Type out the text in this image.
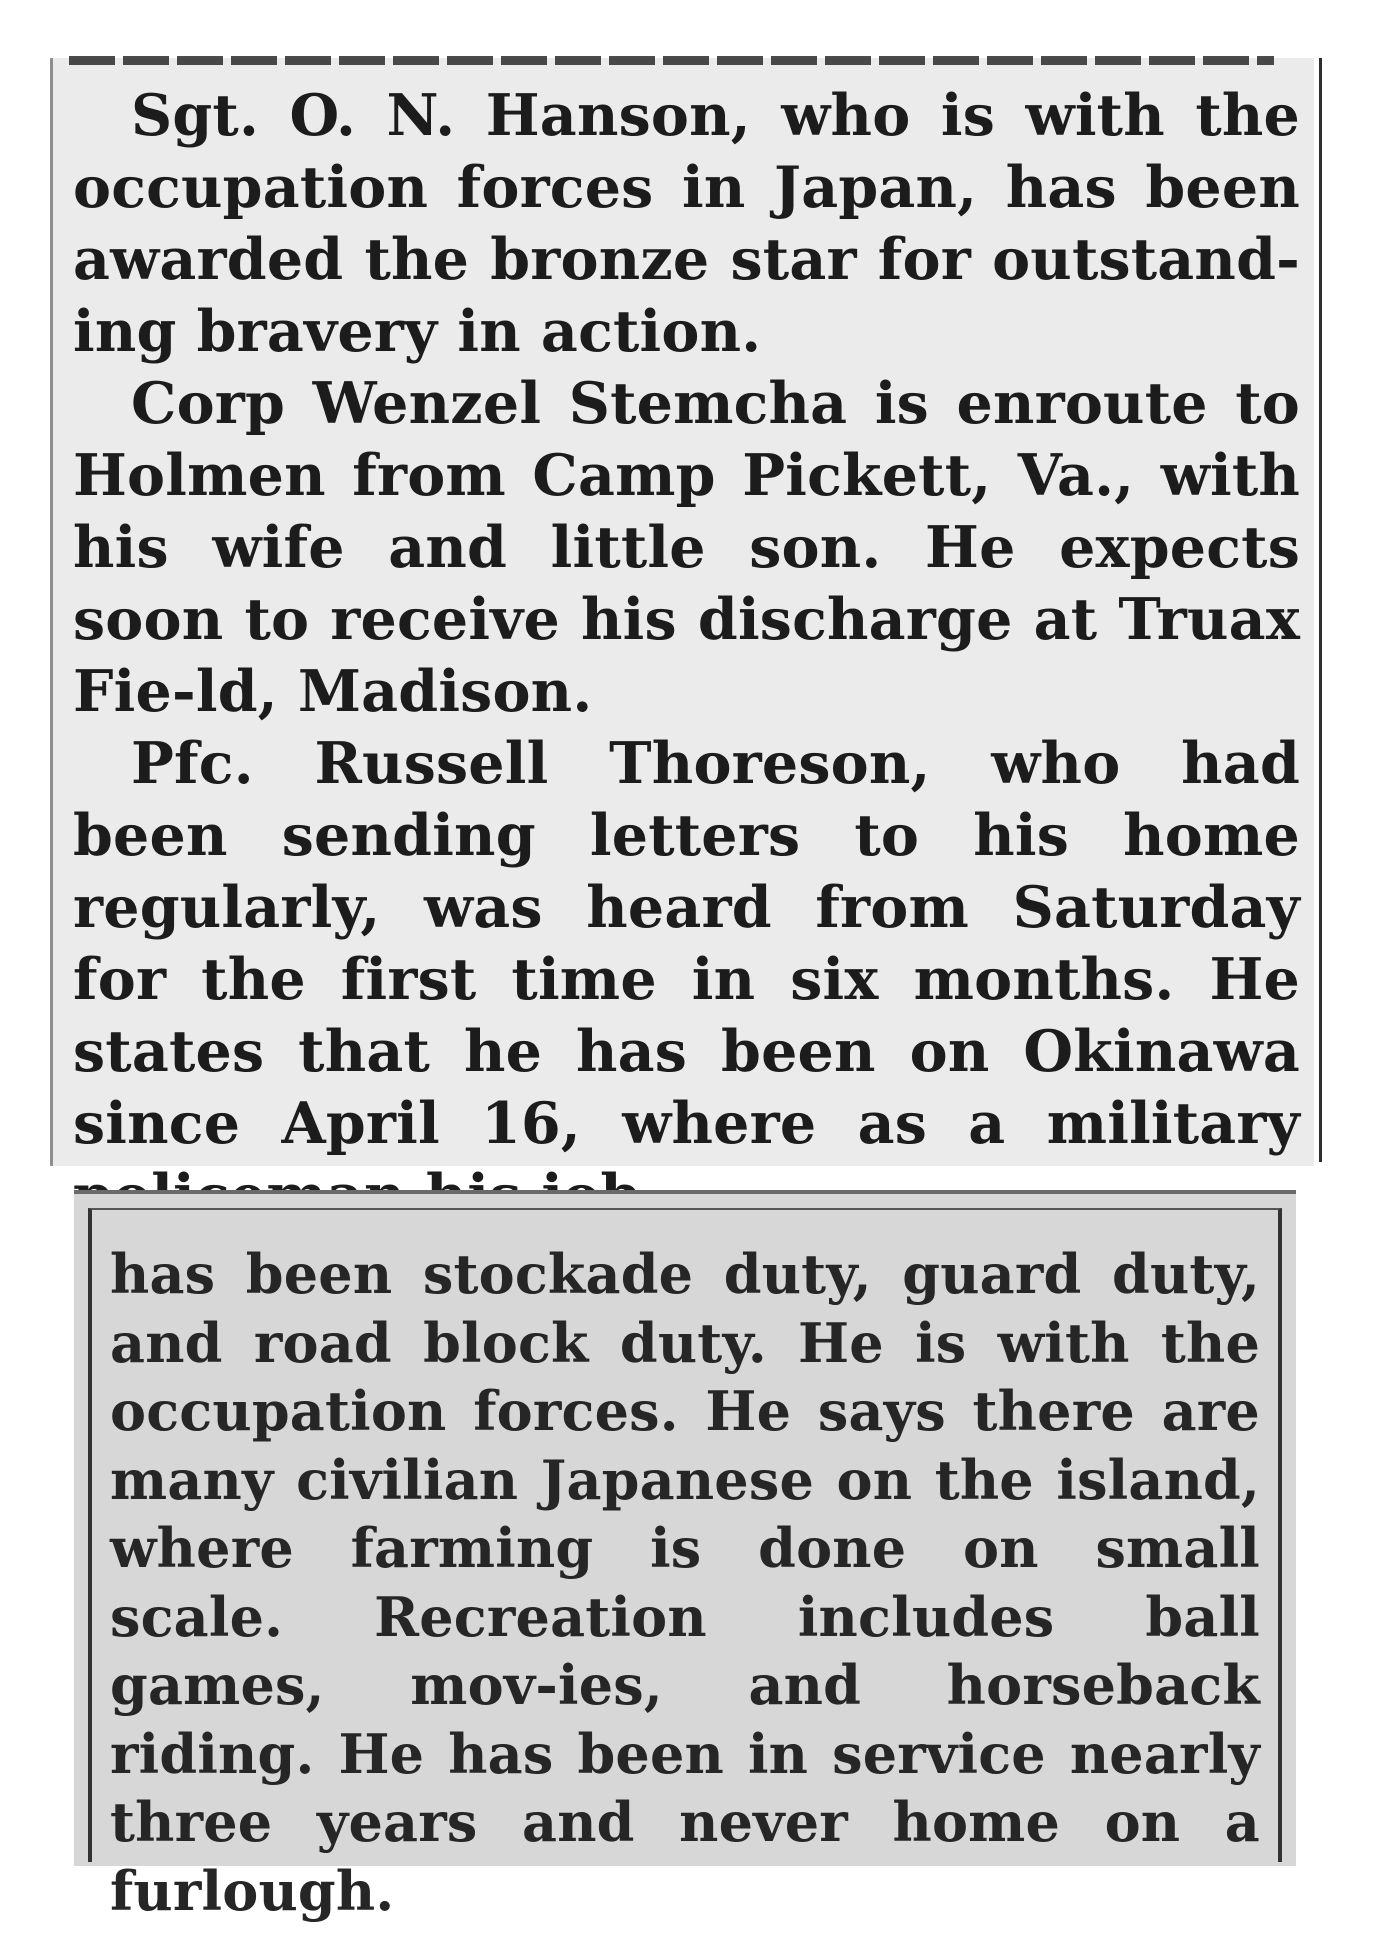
Sgt. O. N. Hanson, who is with the occupation forces in Japan, has been awarded the bronze star for outstand-ing bravery in action.

Corp Wenzel Stemcha is enroute to Holmen from Camp Pickett, Va., with his wife and little son. He expects soon to receive his discharge at Truax Fie-ld, Madison.

Pfc. Russell Thoreson, who had been sending letters to his home regularly, was heard from Saturday for the first time in six months. He states that he has been on Okinawa since April 16, where as a military

has been stockade duty, guard duty, and road block duty. He is with the occupation forces. He says there are many civilian Japanese on the island, where farming is done on small scale. Recreation includes ball games, mov-ies, and horseback riding. He has been in service nearly three years and never home on a furlough.
